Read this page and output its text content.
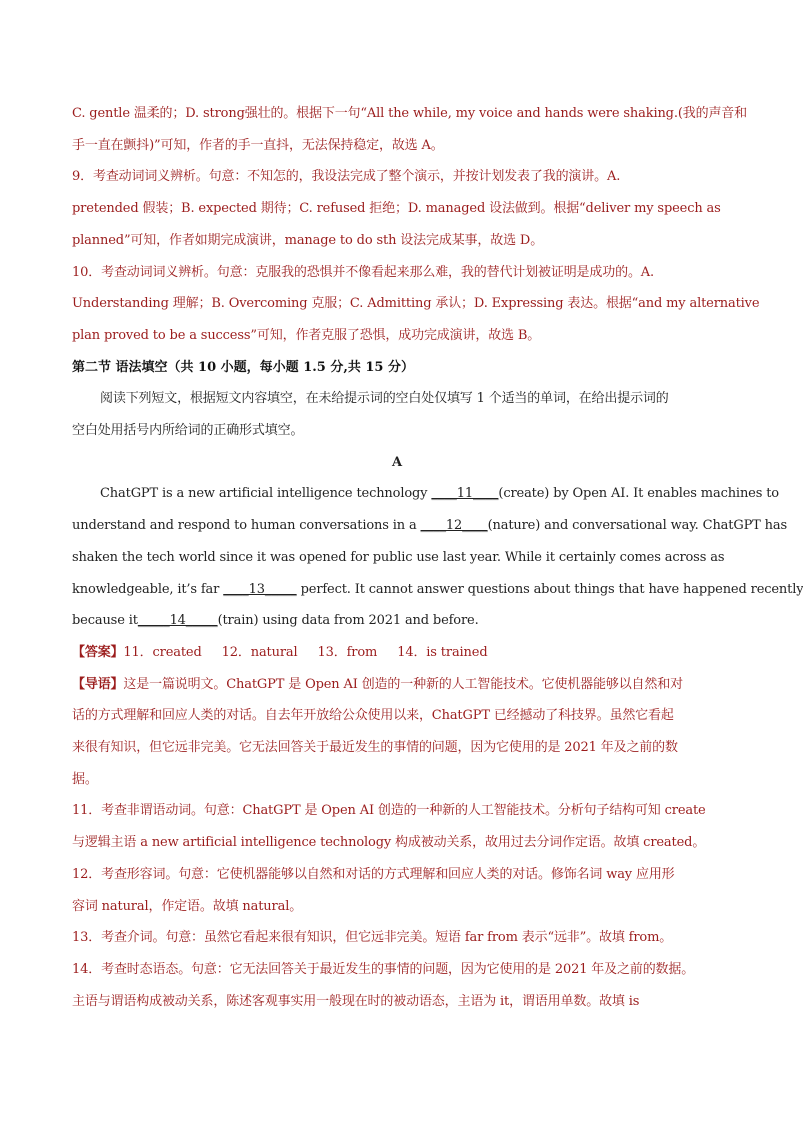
C. gentle 温柔的；D. strong强壮的。根据下一句“All the while, my voice and hands were shaking.(我的声音和
手一直在颤抖)”可知，作者的手一直抖，无法保持稳定，故选 A。
9．考查动词词义辨析。句意：不知怎的，我设法完成了整个演示，并按计划发表了我的演讲。A.
pretended 假装；B. expected 期待；C. refused 拒绝；D. managed 设法做到。根据“deliver my speech as
planned”可知，作者如期完成演讲，manage to do sth 设法完成某事，故选 D。
10．考查动词词义辨析。句意：克服我的恐惧并不像看起来那么难，我的替代计划被证明是成功的。A.
Understanding 理解；B. Overcoming 克服；C. Admitting 承认；D. Expressing 表达。根据“and my alternative
plan proved to be a success”可知，作者克服了恐惧，成功完成演讲，故选 B。
第二节 语法填空（共 10 小题，每小题 1.5 分,共 15 分）
阅读下列短文，根据短文内容填空，在未给提示词的空白处仅填写 1 个适当的单词，在给出提示词的
空白处用括号内所给词的正确形式填空。
A
ChatGPT is a new artificial intelligence technology ____11____(create) by Open AI. It enables machines to
understand and respond to human conversations in a ____12____(nature) and conversational way. ChatGPT has
shaken the tech world since it was opened for public use last year. While it certainly comes across as
knowledgeable, it’s far ____13_____ perfect. It cannot answer questions about things that have happened recently
because it_____14_____(train) using data from 2021 and before.
【答案】11．created 12．natural 13．from 14．is trained
【导语】这是一篇说明文。ChatGPT 是 Open AI 创造的一种新的人工智能技术。它使机器能够以自然和对
话的方式理解和回应人类的对话。自去年开放给公众使用以来，ChatGPT 已经撼动了科技界。虽然它看起
来很有知识，但它远非完美。它无法回答关于最近发生的事情的问题，因为它使用的是 2021 年及之前的数
据。
11．考查非谓语动词。句意：ChatGPT 是 Open AI 创造的一种新的人工智能技术。分析句子结构可知 create
与逻辑主语 a new artificial intelligence technology 构成被动关系，故用过去分词作定语。故填 created。
12．考查形容词。句意：它使机器能够以自然和对话的方式理解和回应人类的对话。修饰名词 way 应用形
容词 natural，作定语。故填 natural。
13．考查介词。句意：虽然它看起来很有知识，但它远非完美。短语 far from 表示“远非”。故填 from。
14．考查时态语态。句意：它无法回答关于最近发生的事情的问题，因为它使用的是 2021 年及之前的数据。
主语与谓语构成被动关系，陈述客观事实用一般现在时的被动语态，主语为 it，谓语用单数。故填 is
